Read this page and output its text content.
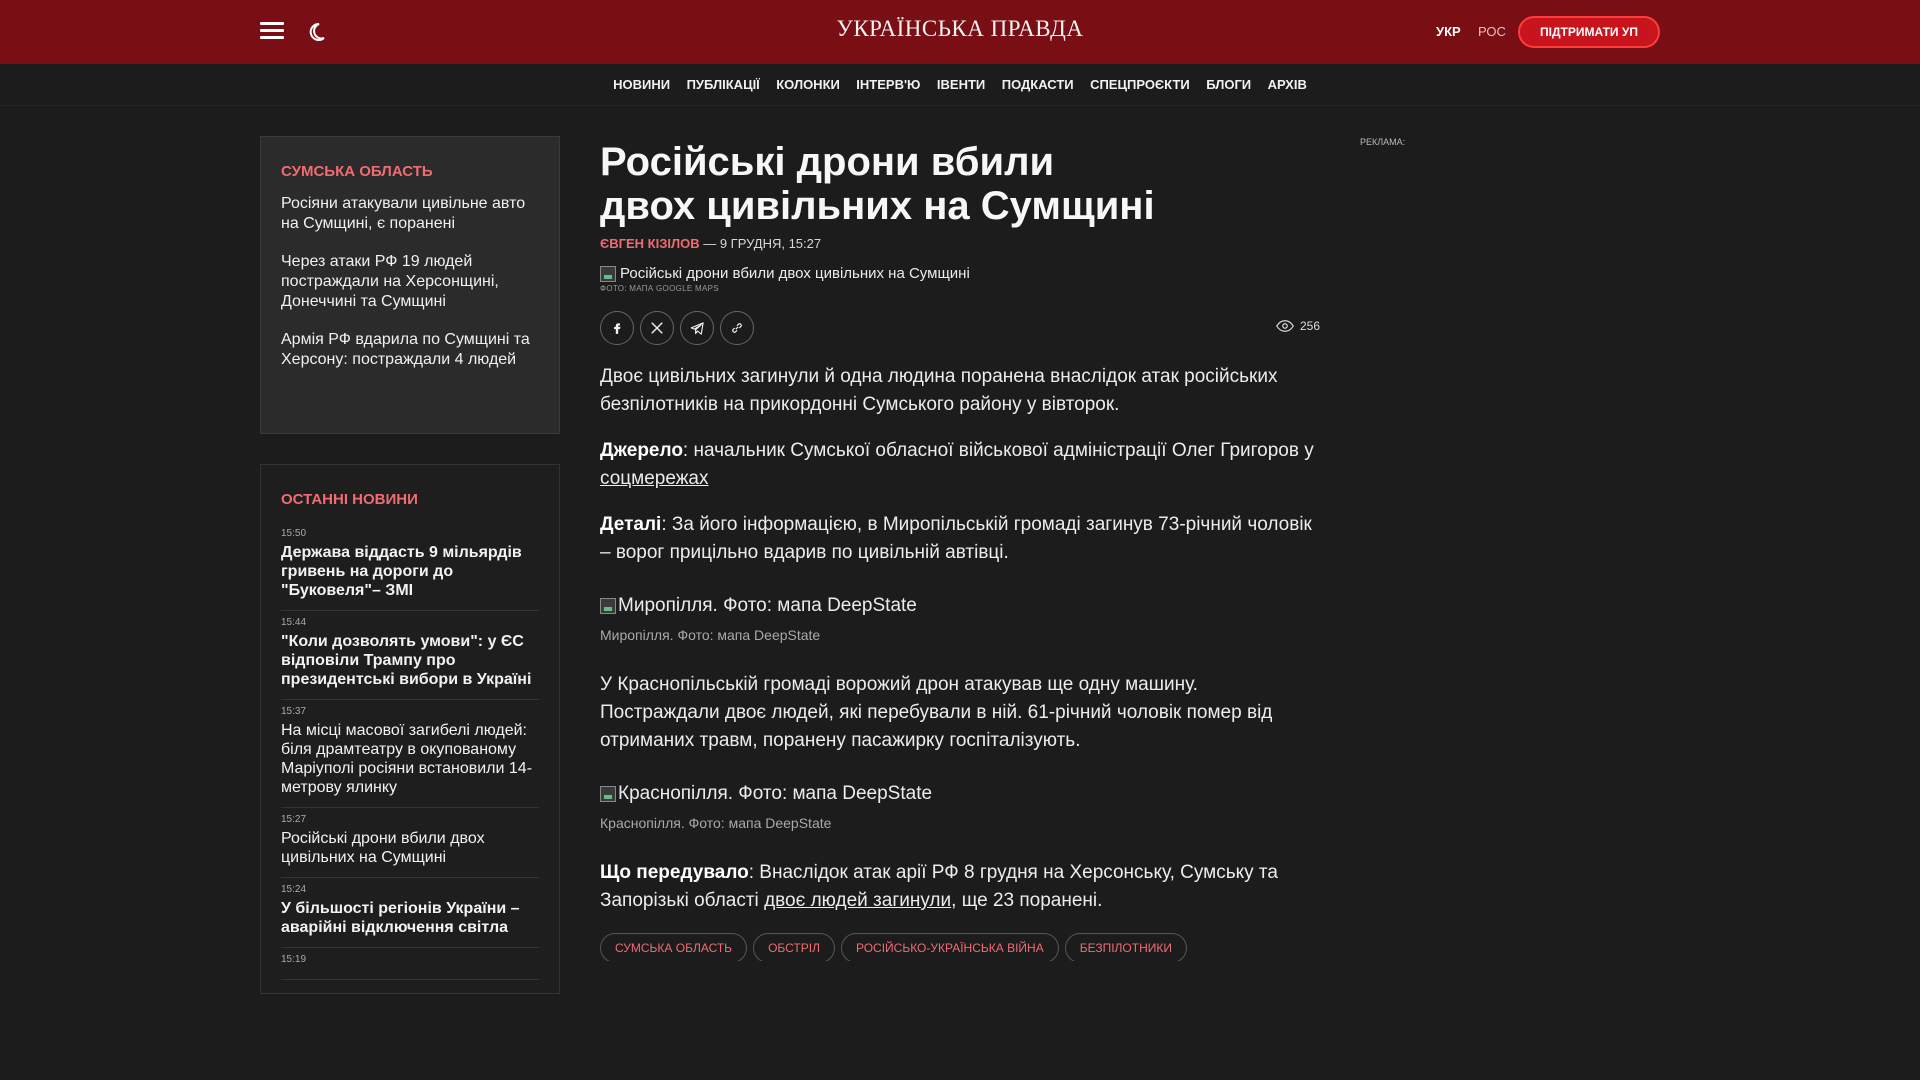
УКРАЇНСЬКА ПРАВДА	УКР РОС	ПІДТРИМАТИ УП
НОВИНИ ПУБЛІКАЦІЇ КОЛОНКИ ІНТЕРВ'Ю ІВЕНТИ ПОДКАСТИ СПЕЦПРОЄКТИ БЛОГИ АРХІВ
СУМСЬКА ОБЛАСТЬ
Росіяни атакували цивільне авто на Сумщині, є поранені
Через атаки РФ 19 людей постраждали на Херсонщині, Донеччині та Сумщині
Армія РФ вдарила по Сумщині та Херсону: постраждали 4 людей
ОСТАННІ НОВИНИ
15:50
Держава віддасть 9 мільярдів гривень на дороги до "Буковеля"– ЗМІ
15:44
"Коли дозволять умови": у ЄС відповіли Трампу про президентські вибори в Україні
15:37
На місці масової загибелі людей: біля драмтеатру в окупованому Маріуполі росіяни встановили 14-метрову ялинку
15:27
Російські дрони вбили двох цивільних на Сумщині
15:24
У більшості регіонів України – аварійні відключення світла
15:19
Російські дрони вбили двох цивільних на Сумщині
ЄВГЕН КІЗІЛОВ — 9 ГРУДНЯ, 15:27
Російські дрони вбили двох цивільних на Сумщині
ФОТО: МАПА GOOGLE MAPS
256

Двоє цивільних загинули й одна людина поранена внаслідок атак російських безпілотників на прикордонні Сумського району у вівторок.

Джерело: начальник Сумської обласної військової адміністрації Олег Григоров у соцмережах

Деталі: За його інформацією, в Миропільській громаді загинув 73-річний чоловік – ворог прицільно вдарив по цивільній автівці.

Миропілля. Фото: мапа DeepState
Миропілля. Фото: мапа DeepState

У Краснопільській громаді ворожий дрон атакував ще одну машину. Постраждали двоє людей, які перебували в ній. 61-річний чоловік помер від отриманих травм, поранену пасажирку госпіталізують.

Краснопілля. Фото: мапа DeepState
Краснопілля. Фото: мапа DeepState

Що передувало: Внаслідок атак арії РФ 8 грудня на Херсонську, Сумську та Запорізькі області двоє людей загинули, ще 23 поранені.

СУМСЬКА ОБЛАСТЬ	ОБСТРІЛ	РОСІЙСЬКО-УКРАЇНСЬКА ВІЙНА	БЕЗПІЛОТНИКИ
РЕКЛАМА:
